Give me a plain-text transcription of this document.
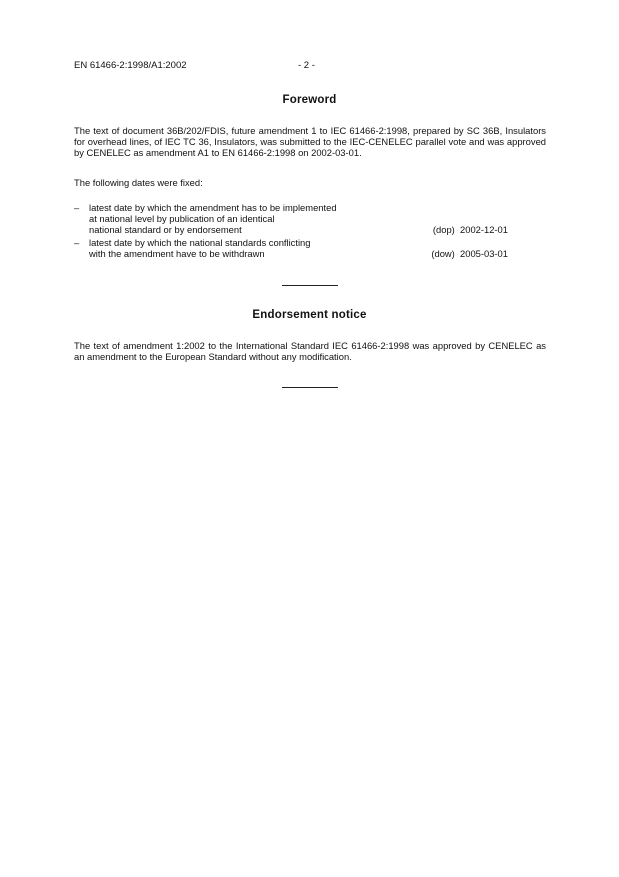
EN 61466-2:1998/A1:2002	- 2 -
Foreword
The text of document 36B/202/FDIS, future amendment 1 to IEC 61466-2:1998, prepared by SC 36B, Insulators for overhead lines, of IEC TC 36, Insulators, was submitted to the IEC-CENELEC parallel vote and was approved by CENELEC as amendment A1 to EN 61466-2:1998 on 2002-03-01.
The following dates were fixed:
– latest date by which the amendment has to be implemented
at national level by publication of an identical
national standard or by endorsement	(dop) 2002-12-01
– latest date by which the national standards conflicting
with the amendment have to be withdrawn	(dow) 2005-03-01
Endorsement notice
The text of amendment 1:2002 to the International Standard IEC 61466-2:1998 was approved by CENELEC as an amendment to the European Standard without any modification.
